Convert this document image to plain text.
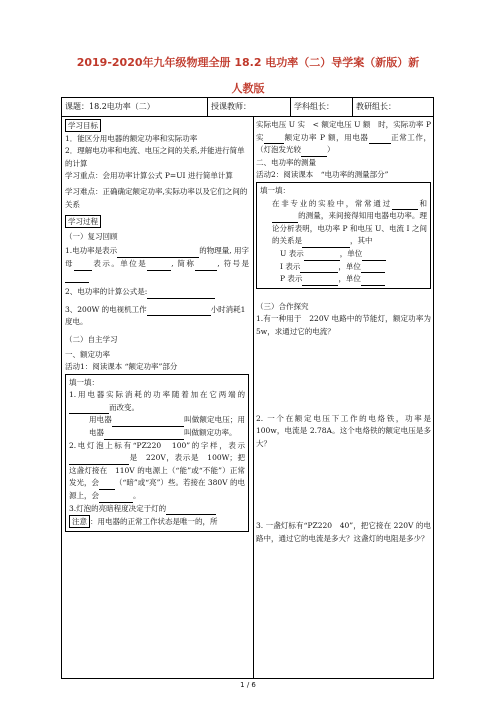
2019-2020年九年级物理全册 18.2 电功率（二）导学案（新版）新
人教版
课题：18.2电功率（二）	授课教师：	学科组长：	教研组长：

学习目标

1．能区分用电器的额定功率和实际功率

2．理解电功率和电流、电压之间的关系,并能进行简单的计算

学习重点：会用功率计算公式 P=UI 进行简单计算

学习难点：正确确定额定功率,实际功率以及它们之间的关系

学习过程

（一）复习回顾

1.电功率是表示	的物理量, 用字母 表示。单位是	, 简称	, 符号是

2、电功率的计算公式是:

3、200W 的电视机工作	小时消耗1度电。

（二）自主学习

一、额定功率

活动1：阅读课本 “额定功率”部分

填一填：

1.用电器实际消耗的功率随着加在它两端的而改变。

用电器	叫做额定电压；用电器	叫做额定功率。

2.电灯泡上标有“PZ220　100”的字样，表示是　220V，表示是　100W；把这盏灯接在　110V 的电源上（“能”或“不能”）正常发光，会 （“暗”或“亮”）些。若接在 380V 的电源上，会	。

3.灯泡的亮暗程度决定于灯的

注意 ：用电器的正常工作状态是唯一的，所

实际电压 U 实　< 额定电压 U 额　时，实际功率 P 实	额定功率 P 额，用电器	正常工作，（灯泡发光较	）

二、电功率的测量

活动2：阅读课本　“电功率的测量部分”

填一填：

在非专业的实验中，常常通过	和的测量，来间接得知用电器电功率。理论分析表明，电功率 P 和电压 U、电流 I 之间的关系是	，其中

U 表示	，单位

I 表示	，单位

P 表示	，单位

（三）合作探究

1.有一种用于　220V 电路中的节能灯，额定功率为 5w，求通过它的电流？

2. 一个在额定电压下工作的电烙铁，功率是 100w，电流是 2.78A。这个电烙铁的额定电压是多大？

3. 一盏灯标有“PZ220　40”，把它接在 220V 的电路中，通过它的电流是多大？这盏灯的电阻是多少？

1 / 6
